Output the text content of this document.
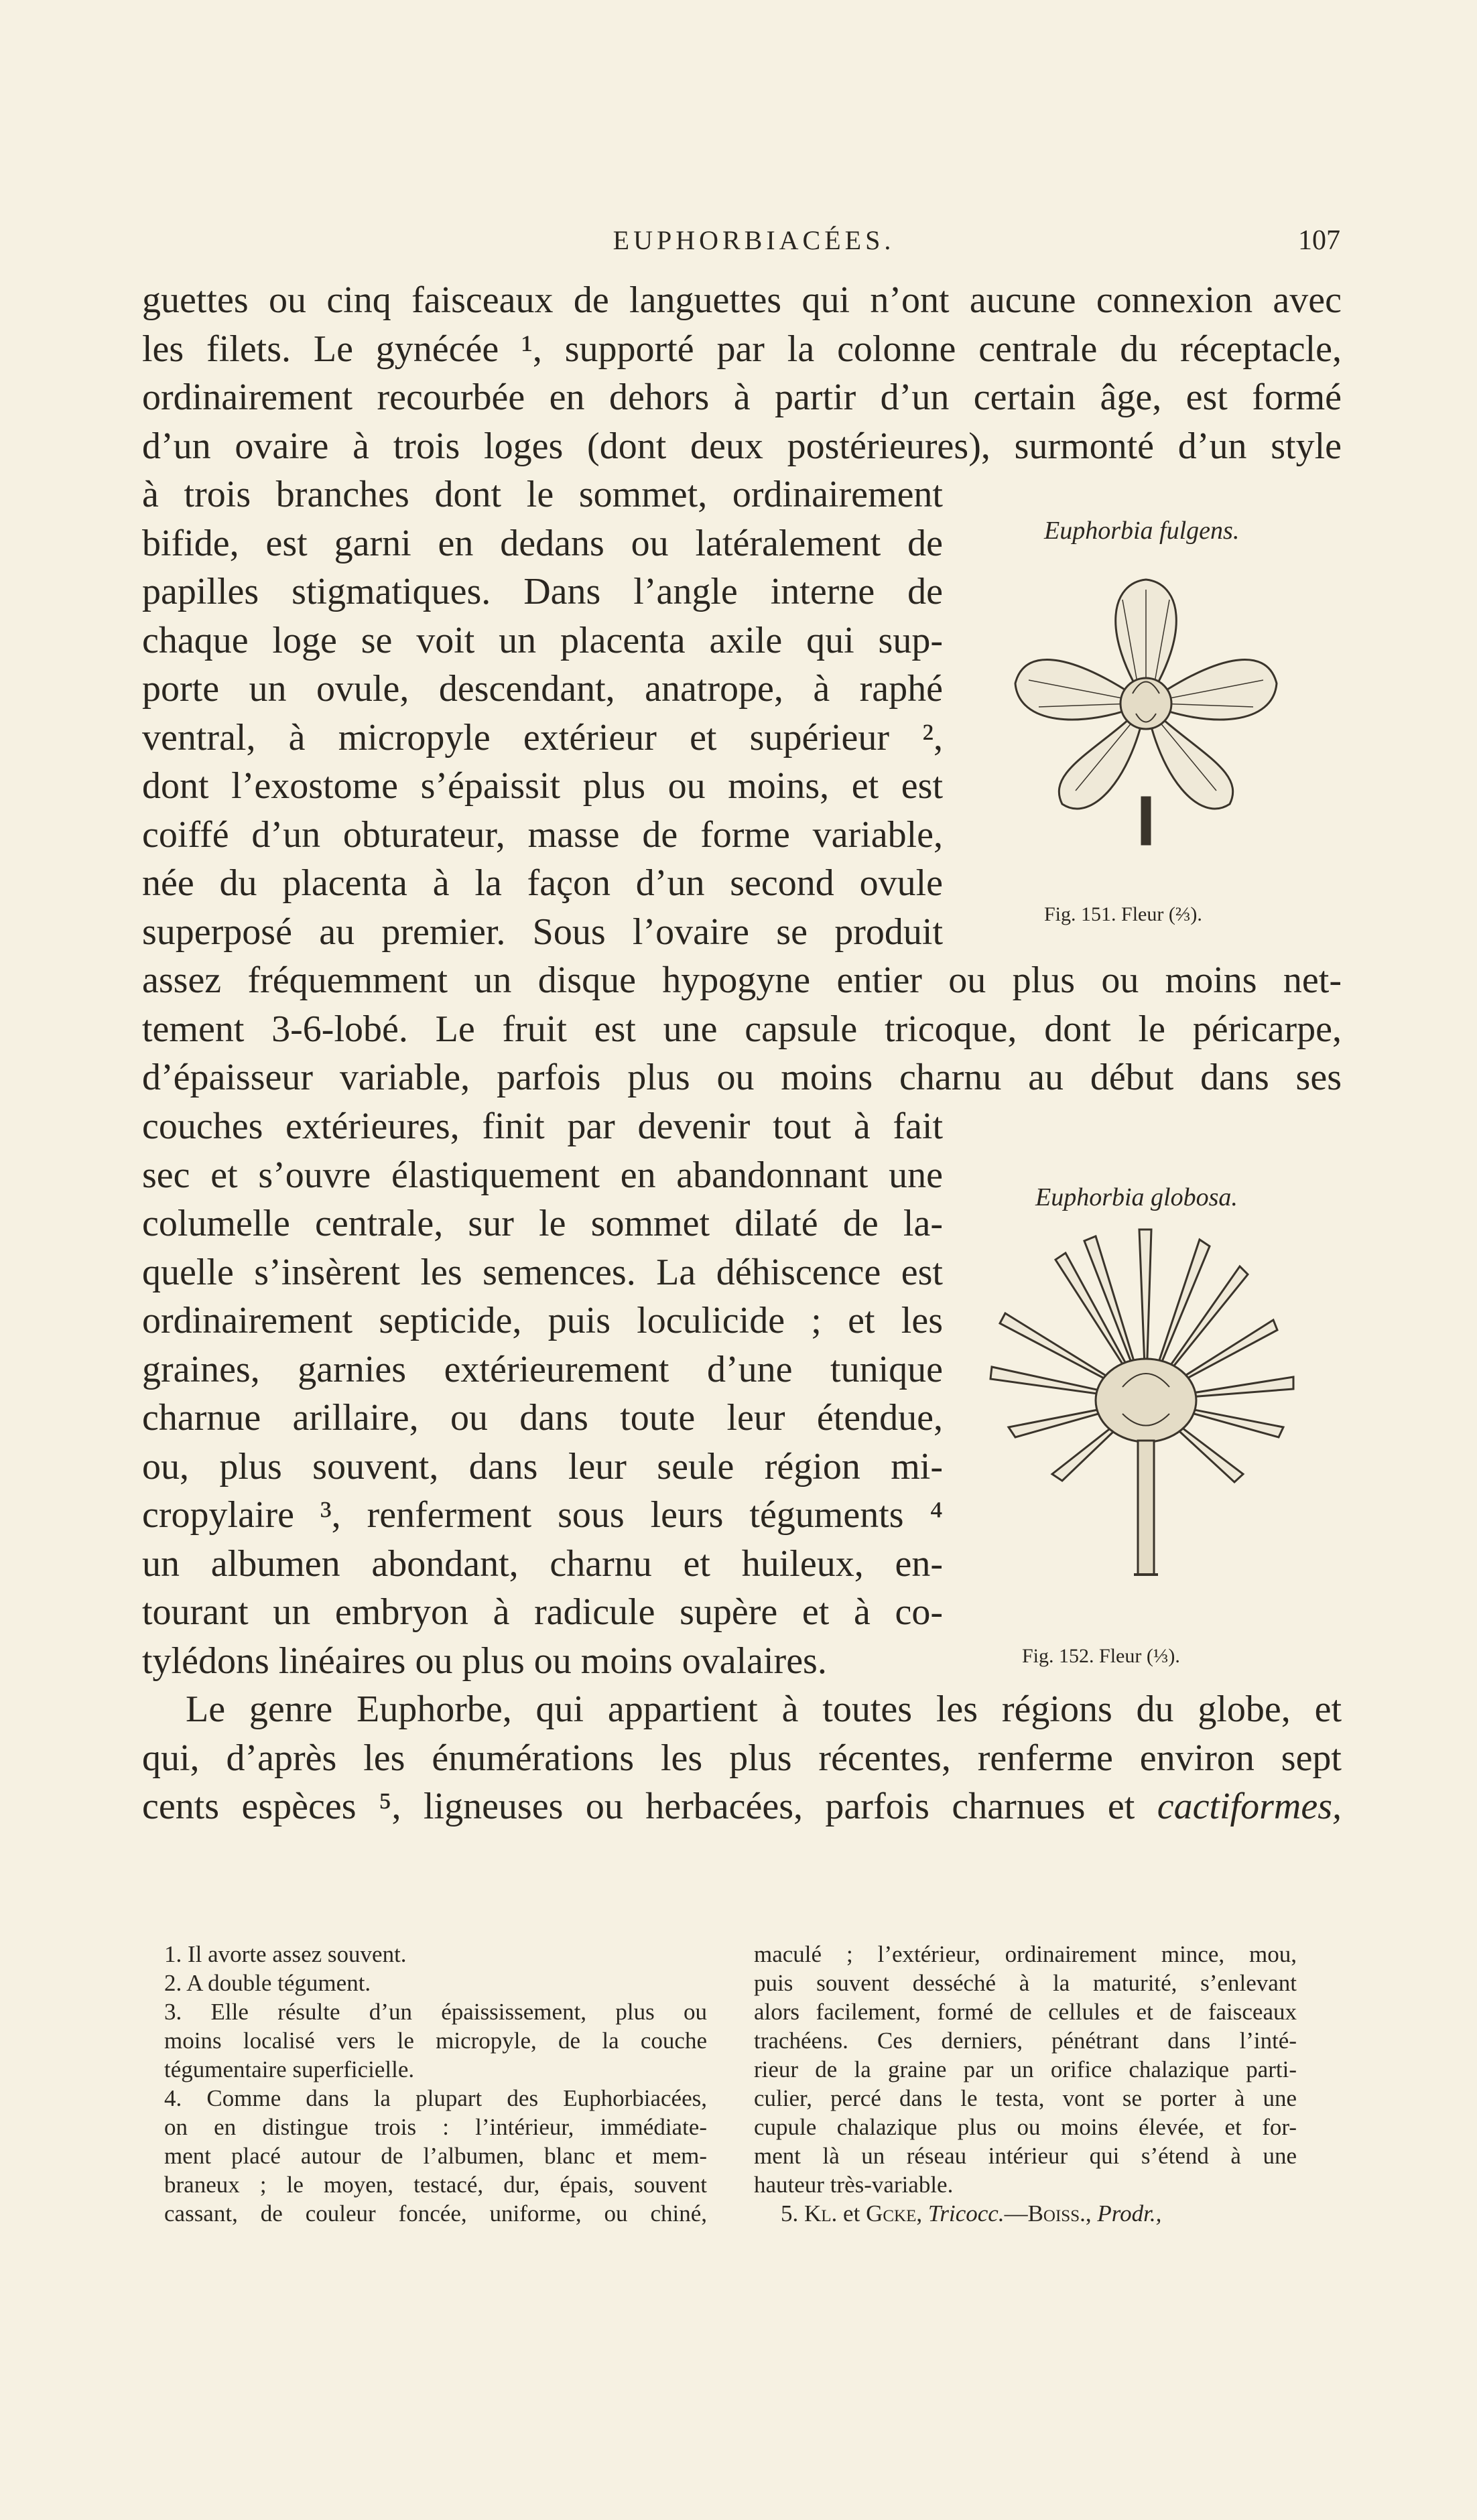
EUPHORBIACÉES.	107
guettes ou cinq faisceaux de languettes qui n’ont aucune connexion avec
les filets. Le gynécée ¹, supporté par la colonne centrale du réceptacle,
ordinairement recourbée en dehors à partir d’un certain âge, est formé
d’un ovaire à trois loges (dont deux postérieures), surmonté d’un style
à trois branches dont le sommet, ordinairement
bifide, est garni en dedans ou latéralement de
papilles stigmatiques. Dans l’angle interne de
chaque loge se voit un placenta axile qui sup-
porte un ovule, descendant, anatrope, à raphé
ventral, à micropyle extérieur et supérieur ²,
dont l’exostome s’épaissit plus ou moins, et est
coiffé d’un obturateur, masse de forme variable,
née du placenta à la façon d’un second ovule
superposé au premier. Sous l’ovaire se produit
assez fréquemment un disque hypogyne entier ou plus ou moins net-
tement 3-6-lobé. Le fruit est une capsule tricoque, dont le péricarpe,
d’épaisseur variable, parfois plus ou moins charnu au début dans ses
couches extérieures, finit par devenir tout à fait
sec et s’ouvre élastiquement en abandonnant une
columelle centrale, sur le sommet dilaté de la-
quelle s’insèrent les semences. La déhiscence est
ordinairement septicide, puis loculicide ; et les
graines, garnies extérieurement d’une tunique
charnue arillaire, ou dans toute leur étendue,
ou, plus souvent, dans leur seule région mi-
cropylaire ³, renferment sous leurs téguments ⁴
un albumen abondant, charnu et huileux, en-
tourant un embryon à radicule supère et à co-
tylédons linéaires ou plus ou moins ovalaires.
Le genre Euphorbe, qui appartient à toutes les régions du globe, et
qui, d’après les énumérations les plus récentes, renferme environ sept
cents espèces ⁵, ligneuses ou herbacées, parfois charnues et cactiformes,
Euphorbia fulgens.
Fig. 151. Fleur (⅔).
Euphorbia globosa.
Fig. 152. Fleur (⅓).
1. Il avorte assez souvent.
2. A double tégument.
3. Elle résulte d’un épaississement, plus ou
moins localisé vers le micropyle, de la couche
tégumentaire superficielle.
4. Comme dans la plupart des Euphorbiacées,
on en distingue trois : l’intérieur, immédiate-
ment placé autour de l’albumen, blanc et mem-
braneux ; le moyen, testacé, dur, épais, souvent
cassant, de couleur foncée, uniforme, ou chiné,
maculé ; l’extérieur, ordinairement mince, mou,
puis souvent desséché à la maturité, s’enlevant
alors facilement, formé de cellules et de faisceaux
trachéens. Ces derniers, pénétrant dans l’inté-
rieur de la graine par un orifice chalazique parti-
culier, percé dans le testa, vont se porter à une
cupule chalazique plus ou moins élevée, et for-
ment là un réseau intérieur qui s’étend à une
hauteur très-variable.
5. Kl. et Gcke, Tricocc.—Boiss., Prodr.,
